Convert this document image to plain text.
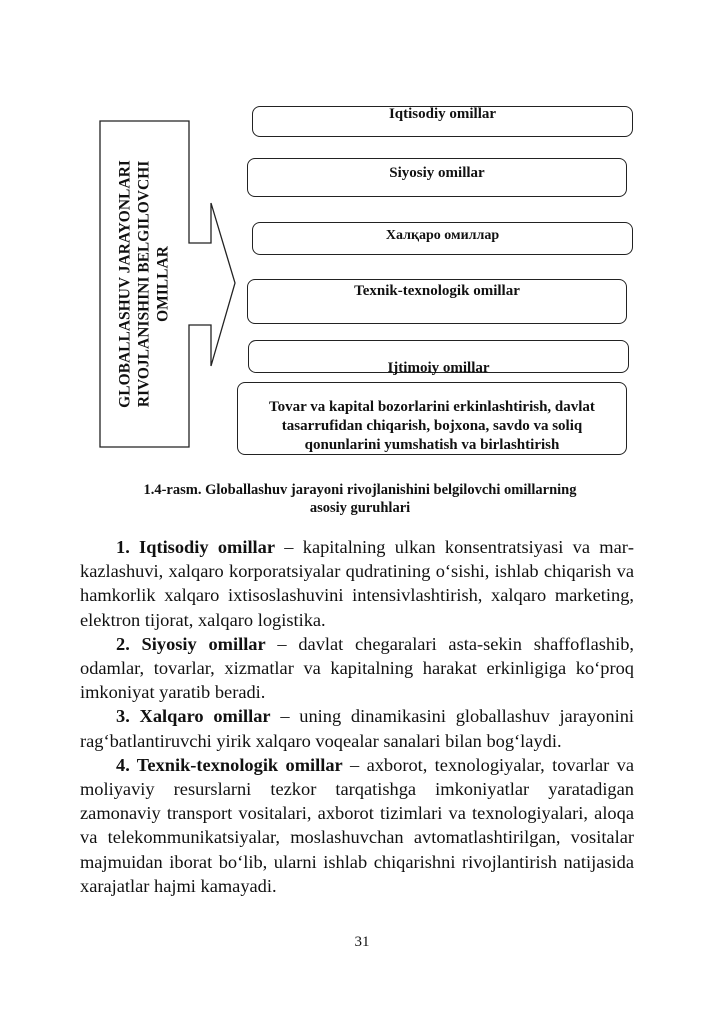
GLOBALLASHUV JARAYONLARI RIVOJLANISHINI BELGILOVCHI OMILLAR
Iqtisodiy omillar
Siyosiy omillar
Халқаро омиллар
Texnik-texnologik omillar
Ijtimoiy omillar
Tovar va kapital bozorlarini erkinlashtirish, davlat tasarrufidan chiqarish, bojxona, savdo va soliq qonunlarini yumshatish va birlashtirish
1.4-rasm. Globallashuv jarayoni rivojlanishini belgilovchi omillarning
asosiy guruhlari

1. Iqtisodiy omillar – kapitalning ulkan konsentratsiyasi va markazlashuvi, xalqaro korporatsiyalar qudratining o‘sishi, ishlab chiqarish va hamkorlik xalqaro ixtisoslashuvini intensivlashtirish, xalqaro marketing, elektron tijorat, xalqaro logistika.

2. Siyosiy omillar – davlat chegaralari asta-sekin shaffoflashib, odamlar, tovarlar, xizmatlar va kapitalning harakat erkinligiga ko‘proq imkoniyat yaratib beradi.

3. Xalqaro omillar – uning dinamikasini globallashuv jarayonini rag‘batlantiruvchi yirik xalqaro voqealar sanalari bilan bog‘laydi.

4. Texnik-texnologik omillar – axborot, texnologiyalar, tovarlar va moliyaviy resurslarni tezkor tarqatishga imkoniyatlar yaratadigan zamonaviy transport vositalari, axborot tizimlari va texnologiyalari, aloqa va telekommunikatsiyalar, moslashuvchan avtomatlashtirilgan, vositalar majmuidan iborat bo‘lib, ularni ishlab chiqarishni rivojlantirish natijasida xarajatlar hajmi kamayadi.

31
